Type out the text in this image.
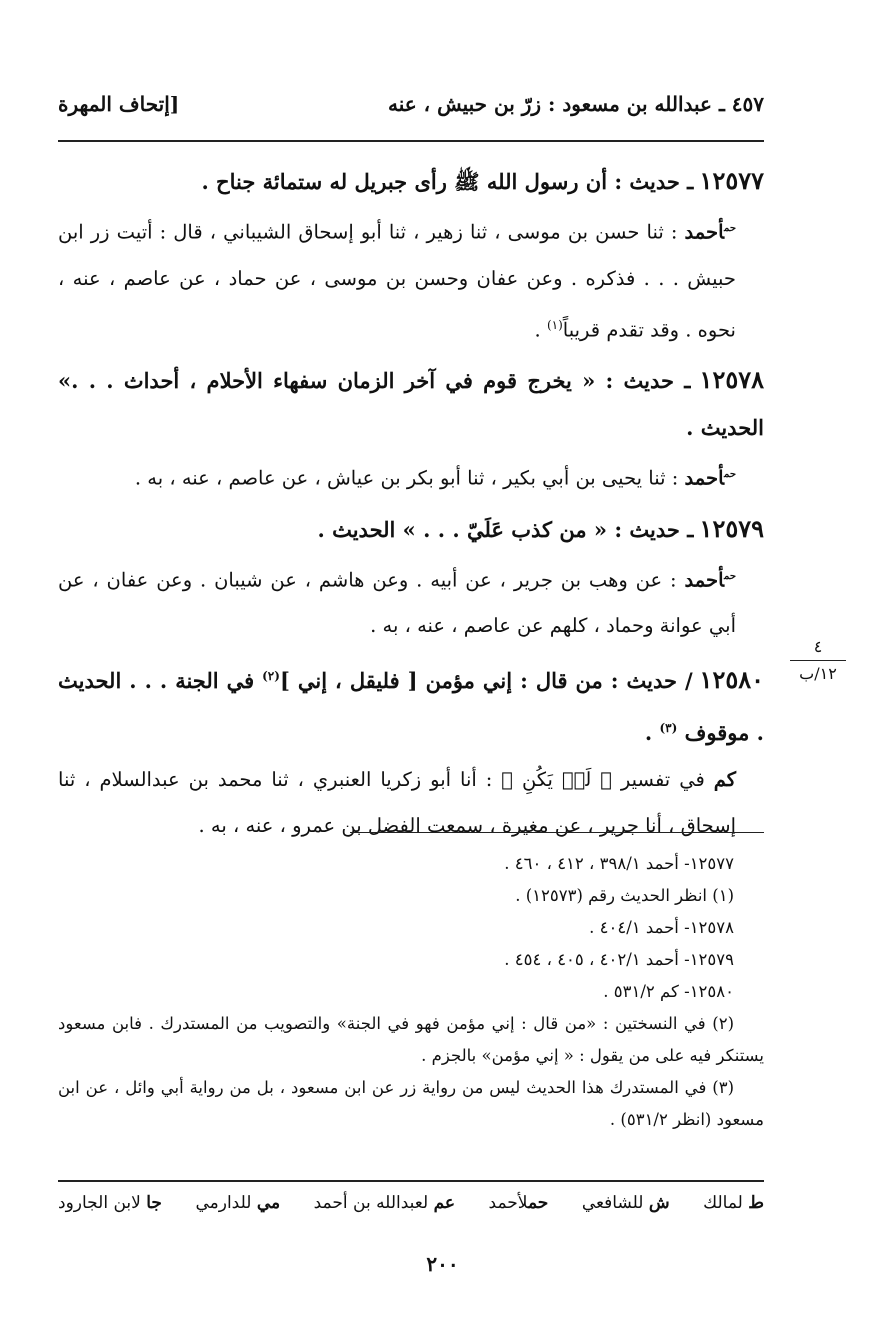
٤٥٧ ـ عبدالله بن مسعود : زرّ بن حبيش ، عنه
[إتحاف المهرة

١٢٥٧٧ ـ حديث : أن رسول الله ﷺ رأى جبريل له ستمائة جناح .

$^{حم}$أحمد : ثنا حسن بن موسى ، ثنا زهير ، ثنا أبو إسحاق الشيباني ، قال : أتيت زر ابن حبيش . . . فذكره . وعن عفان وحسن بن موسى ، عن حماد ، عن عاصم ، عنه ، نحوه . وقد تقدم قريباً$^{(١)}$ .

١٢٥٧٨ ـ حديث : « يخرج قوم في آخر الزمان سفهاء الأحلام ، أحداث . . .» الحديث .

$^{حم}$أحمد : ثنا يحيى بن أبي بكير ، ثنا أبو بكر بن عياش ، عن عاصم ، عنه ، به .

١٢٥٧٩ ـ حديث : « من كذب عَلَيّ . . . » الحديث .

$^{حم}$أحمد : عن وهب بن جرير ، عن أبيه . وعن هاشم ، عن شيبان . وعن عفان ، عن أبي عوانة وحماد ، كلهم عن عاصم ، عنه ، به .

١٢٥٨٠ / حديث : من قال : إني مؤمن [ فليقل ، إني ]$^{(٢)}$ في الجنة . . . الحديث . موقوف $^{(٣)}$ .

كم في تفسير ﴿ لَمۡ يَكُنِ ﴾ : أنا أبو زكريا العنبري ، ثنا محمد بن عبدالسلام ، ثنا إسحاق ، أنا جرير ، عن مغيرة ، سمعت الفضل بن عمرو ، عنه ، به .

٤
١٢/ب

١٢٥٧٧- أحمد ٣٩٨/١ ، ٤١٢ ، ٤٦٠ .

(١) انظر الحديث رقم (١٢٥٧٣) .

١٢٥٧٨- أحمد ٤٠٤/١ .

١٢٥٧٩- أحمد ٤٠٢/١ ، ٤٠٥ ، ٤٥٤ .

١٢٥٨٠- كم ٥٣١/٢ .

(٢) في النسختين : «من قال : إني مؤمن فهو في الجنة» والتصويب من المستدرك . فابن مسعود يستنكر فيه على من يقول : « إني مؤمن» بالجزم .

(٣) في المستدرك هذا الحديث ليس من رواية زر عن ابن مسعود ، بل من رواية أبي وائل ، عن ابن مسعود (انظر ٥٣١/٢) .

ط لمالك
ش للشافعي
حملأحمد
عم لعبدالله بن أحمد
مي للدارمي
جا لابن الجارود
٢٠٠
